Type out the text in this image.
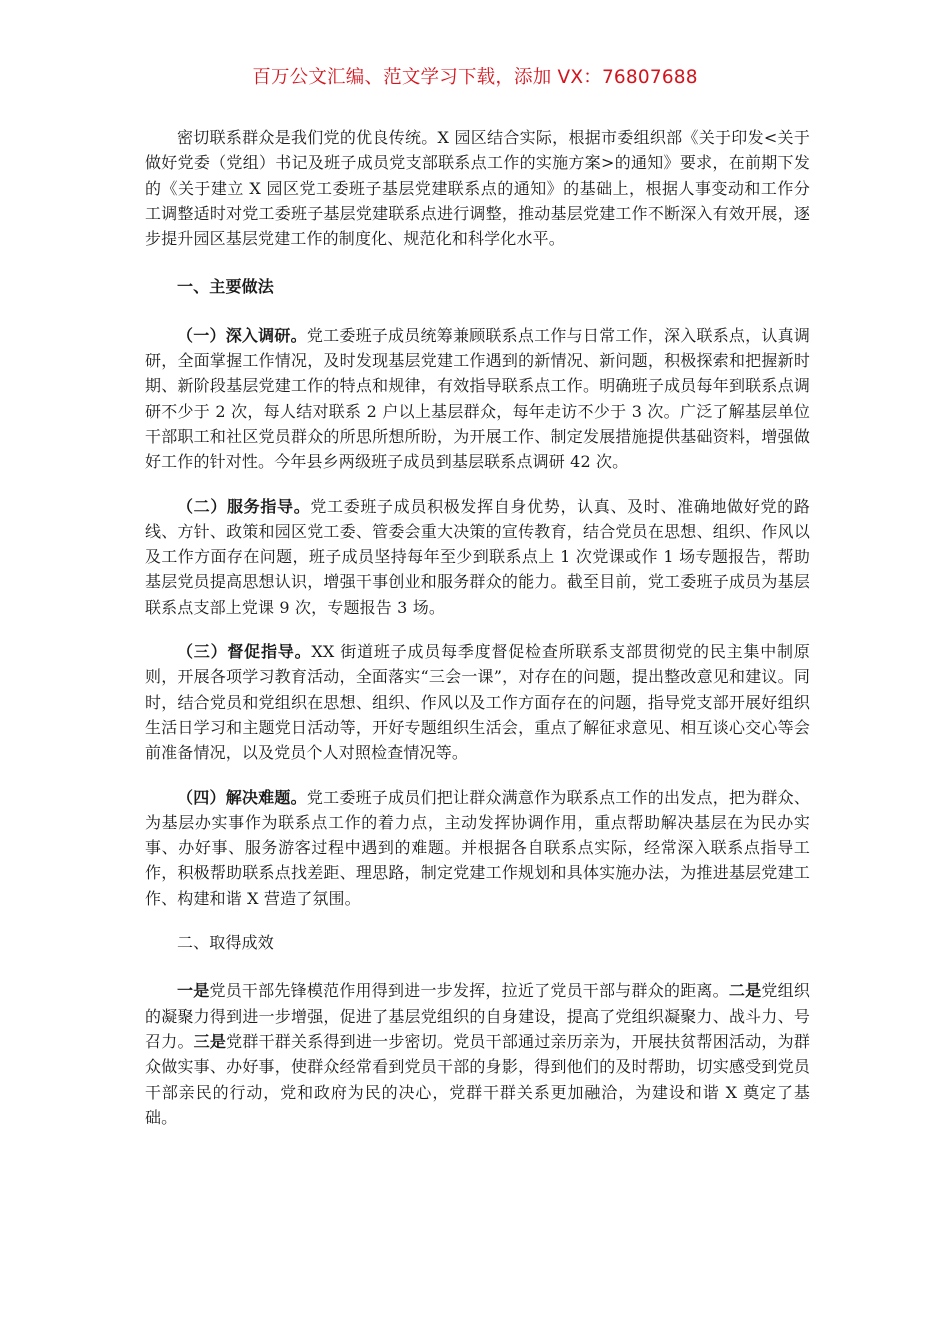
百万公文汇编、范文学习下载，添加 VX：76807688

密切联系群众是我们党的优良传统。X 园区结合实际，根据市委组织部《关于印发<关于做好党委（党组）书记及班子成员党支部联系点工作的实施方案>的通知》要求，在前期下发的《关于建立 X 园区党工委班子基层党建联系点的通知》的基础上，根据人事变动和工作分工调整适时对党工委班子基层党建联系点进行调整，推动基层党建工作不断深入有效开展，逐步提升园区基层党建工作的制度化、规范化和科学化水平。

一、主要做法

（一）深入调研。党工委班子成员统筹兼顾联系点工作与日常工作，深入联系点，认真调研，全面掌握工作情况，及时发现基层党建工作遇到的新情况、新问题，积极探索和把握新时期、新阶段基层党建工作的特点和规律，有效指导联系点工作。明确班子成员每年到联系点调研不少于 2 次，每人结对联系 2 户以上基层群众，每年走访不少于 3 次。广泛了解基层单位干部职工和社区党员群众的所思所想所盼，为开展工作、制定发展措施提供基础资料，增强做好工作的针对性。今年县乡两级班子成员到基层联系点调研 42 次。

（二）服务指导。党工委班子成员积极发挥自身优势，认真、及时、准确地做好党的路线、方针、政策和园区党工委、管委会重大决策的宣传教育，结合党员在思想、组织、作风以及工作方面存在问题，班子成员坚持每年至少到联系点上 1 次党课或作 1 场专题报告，帮助基层党员提高思想认识，增强干事创业和服务群众的能力。截至目前，党工委班子成员为基层联系点支部上党课 9 次，专题报告 3 场。

（三）督促指导。XX 街道班子成员每季度督促检查所联系支部贯彻党的民主集中制原则，开展各项学习教育活动，全面落实“三会一课”，对存在的问题，提出整改意见和建议。同时，结合党员和党组织在思想、组织、作风以及工作方面存在的问题，指导党支部开展好组织生活日学习和主题党日活动等，开好专题组织生活会，重点了解征求意见、相互谈心交心等会前准备情况，以及党员个人对照检查情况等。

（四）解决难题。党工委班子成员们把让群众满意作为联系点工作的出发点，把为群众、为基层办实事作为联系点工作的着力点，主动发挥协调作用，重点帮助解决基层在为民办实事、办好事、服务游客过程中遇到的难题。并根据各自联系点实际，经常深入联系点指导工作，积极帮助联系点找差距、理思路，制定党建工作规划和具体实施办法，为推进基层党建工作、构建和谐 X 营造了氛围。

二、取得成效

一是党员干部先锋模范作用得到进一步发挥，拉近了党员干部与群众的距离。二是党组织的凝聚力得到进一步增强，促进了基层党组织的自身建设，提高了党组织凝聚力、战斗力、号召力。三是党群干群关系得到进一步密切。党员干部通过亲历亲为，开展扶贫帮困活动，为群众做实事、办好事，使群众经常看到党员干部的身影，得到他们的及时帮助，切实感受到党员干部亲民的行动，党和政府为民的决心，党群干群关系更加融洽，为建设和谐 X 奠定了基础。
